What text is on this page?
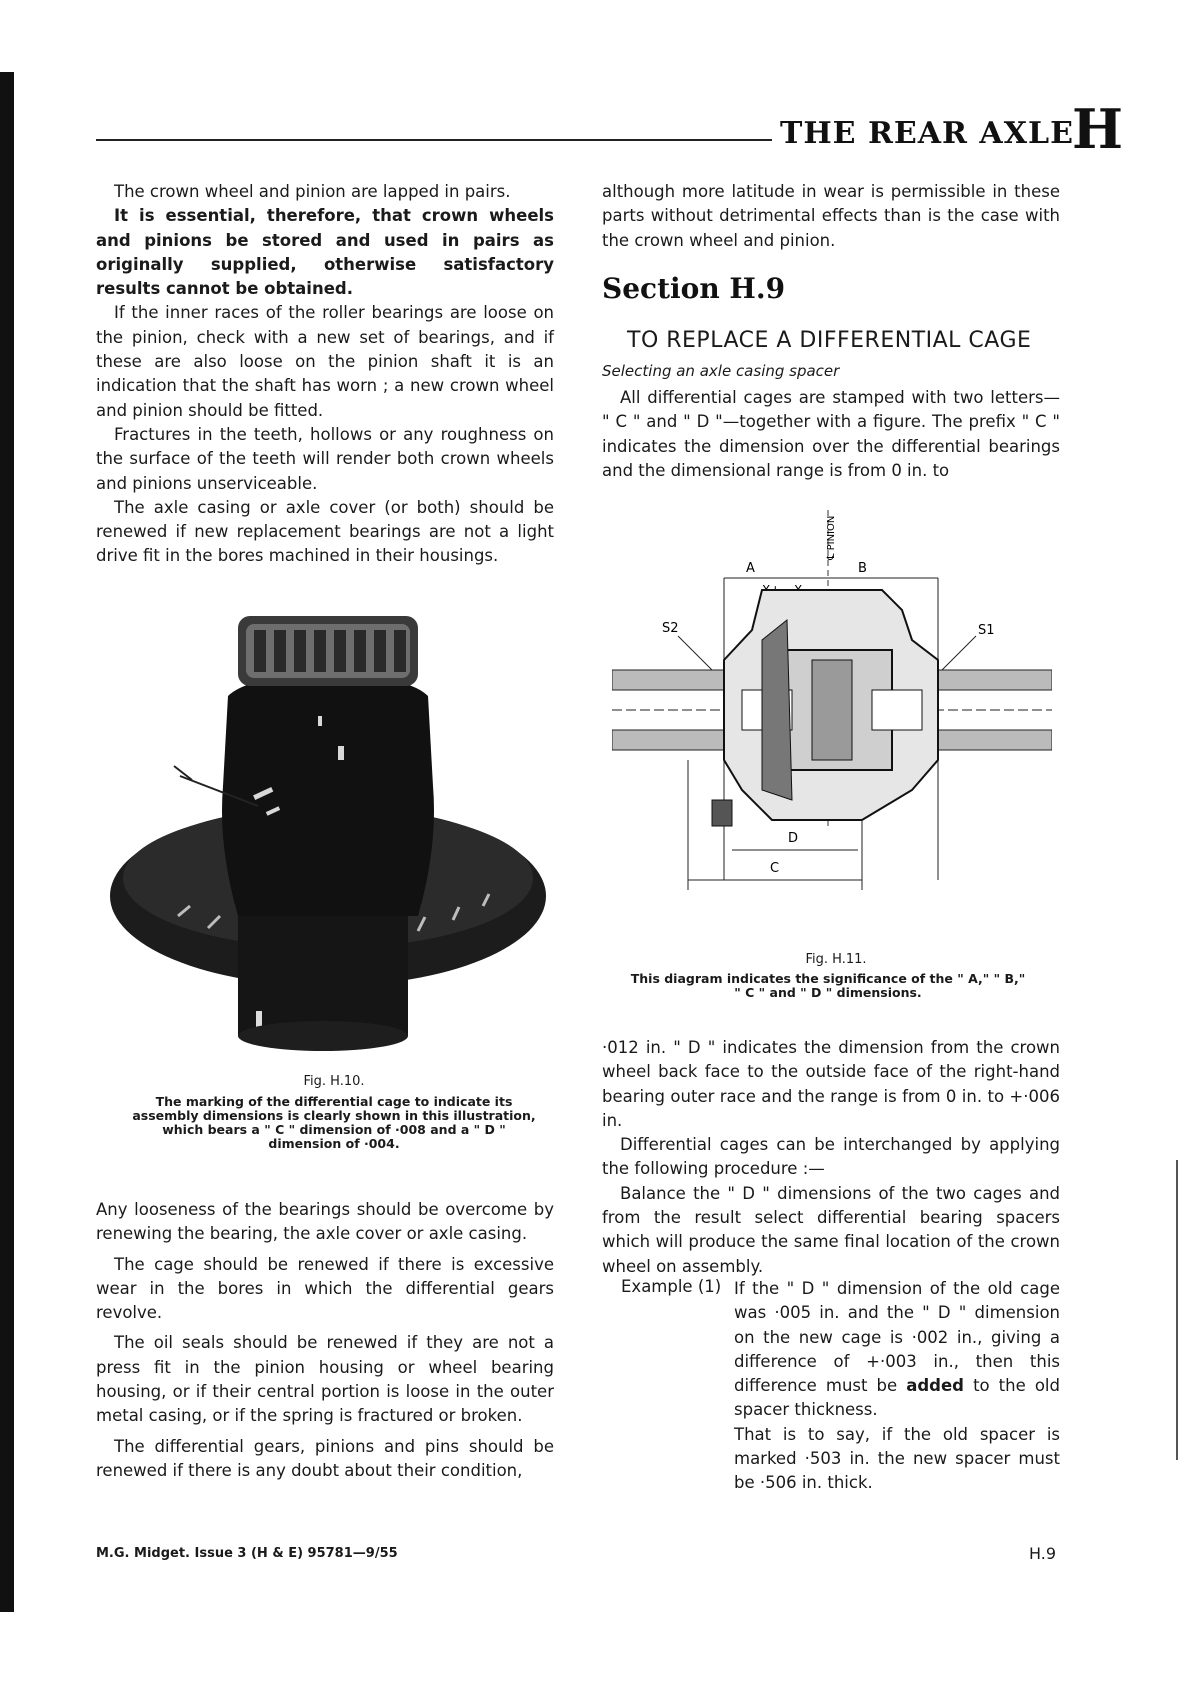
THE REAR AXLE
H

The crown wheel and pinion are lapped in pairs.

It is essential, therefore, that crown wheels and pinions be stored and used in pairs as originally supplied, otherwise satisfactory results cannot be obtained.

If the inner races of the roller bearings are loose on the pinion, check with a new set of bearings, and if these are also loose on the pinion shaft it is an indication that the shaft has worn ; a new crown wheel and pinion should be fitted.

Fractures in the teeth, hollows or any roughness on the surface of the teeth will render both crown wheels and pinions unserviceable.

The axle casing or axle cover (or both) should be renewed if new replacement bearings are not a light drive fit in the bores machined in their housings.

Fig. H.10.
The marking of the differential cage to indicate its
assembly dimensions is clearly shown in this illustration,
which bears a " C " dimension of ·008 and a " D "
dimension of ·004.

Any looseness of the bearings should be overcome by renewing the bearing, the axle cover or axle casing.

The cage should be renewed if there is excessive wear in the bores in which the differential gears revolve.

The oil seals should be renewed if they are not a press fit in the pinion housing or wheel bearing housing, or if their central portion is loose in the outer metal casing, or if the spring is fractured or broken.

The differential gears, pinions and pins should be renewed if there is any doubt about their condition,

although more latitude in wear is permissible in these parts without detrimental effects than is the case with the crown wheel and pinion.

Section H.9
TO REPLACE A DIFFERENTIAL CAGE
Selecting an axle casing spacer

All differential cages are stamped with two letters— " C " and " D "—together with a figure. The prefix " C " indicates the dimension over the differential bearings and the dimensional range is from 0 in. to

℄ PINION
A	B
S2	S1
D
C
Fig. H.11.
This diagram indicates the significance of the " A," " B,"
" C " and " D " dimensions.

·012 in. " D " indicates the dimension from the crown wheel back face to the outside face of the right-hand bearing outer race and the range is from 0 in. to +·006 in.

Differential cages can be interchanged by applying the following procedure :—

Balance the " D " dimensions of the two cages and from the result select differential bearing spacers which will produce the same final location of the crown wheel on assembly.

Example (1) If the " D " dimension of the old cage was ·005 in. and the " D " dimension on the new cage is ·002 in., giving a difference of +·003 in., then this difference must be added to the old spacer thickness.

That is to say, if the old spacer is marked ·503 in. the new spacer must be ·506 in. thick.

M.G. Midget. Issue 3 (H & E) 95781—9/55	H.9
